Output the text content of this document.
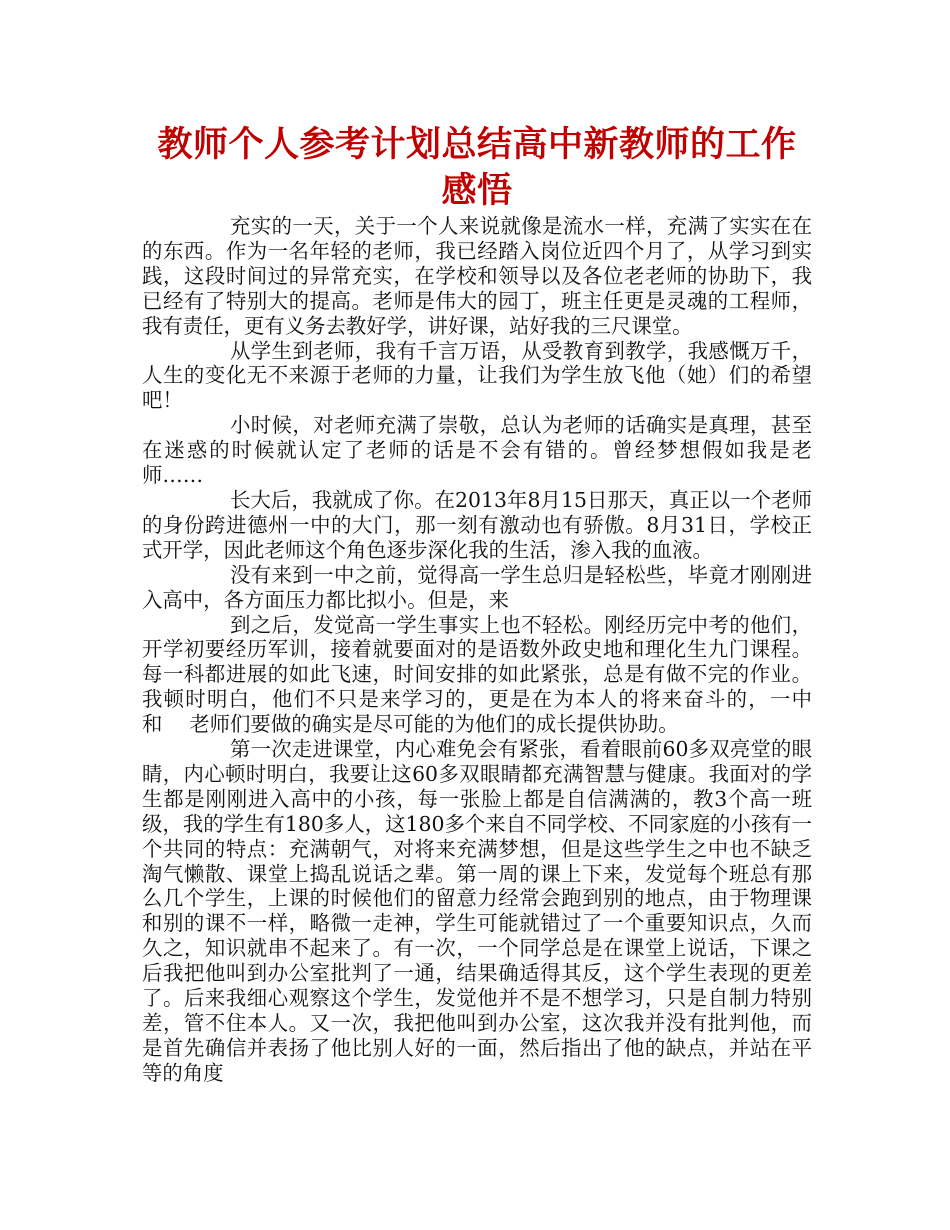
教师个人参考计划总结高中新教师的工作感悟

充实的一天，关于一个人来说就像是流水一样，充满了实实在在的东西。作为一名年轻的老师，我已经踏入岗位近四个月了，从学习到实践，这段时间过的异常充实，在学校和领导以及各位老老师的协助下，我已经有了特别大的提高。老师是伟大的园丁，班主任更是灵魂的工程师，我有责任，更有义务去教好学，讲好课，站好我的三尺课堂。

从学生到老师，我有千言万语，从受教育到教学，我感慨万千，人生的变化无不来源于老师的力量，让我们为学生放飞他（她）们的希望吧！

小时候，对老师充满了崇敬，总认为老师的话确实是真理，甚至在迷惑的时候就认定了老师的话是不会有错的。曾经梦想假如我是老师……

长大后，我就成了你。在2013年8月15日那天，真正以一个老师的身份跨进德州一中的大门，那一刻有激动也有骄傲。8月31日，学校正式开学，因此老师这个角色逐步深化我的生活，渗入我的血液。

没有来到一中之前，觉得高一学生总归是轻松些，毕竟才刚刚进入高中，各方面压力都比拟小。但是，来

到之后，发觉高一学生事实上也不轻松。刚经历完中考的他们，开学初要经历军训，接着就要面对的是语数外政史地和理化生九门课程。每一科都进展的如此飞速，时间安排的如此紧张，总是有做不完的作业。我顿时明白，他们不只是来学习的，更是在为本人的将来奋斗的，一中　 和　 老师们要做的确实是尽可能的为他们的成长提供协助。

第一次走进课堂，内心难免会有紧张，看着眼前60多双亮堂的眼睛，内心顿时明白，我要让这60多双眼睛都充满智慧与健康。我面对的学生都是刚刚进入高中的小孩，每一张脸上都是自信满满的，教3个高一班级，我的学生有180多人，这180多个来自不同学校、不同家庭的小孩有一个共同的特点：充满朝气，对将来充满梦想，但是这些学生之中也不缺乏淘气懒散、课堂上捣乱说话之辈。第一周的课上下来，发觉每个班总有那么几个学生，上课的时候他们的留意力经常会跑到别的地点，由于物理课和别的课不一样，略微一走神，学生可能就错过了一个重要知识点，久而久之，知识就串不起来了。有一次，一个同学总是在课堂上说话，下课之后我把他叫到办公室批判了一通，结果确适得其反，这个学生表现的更差了。后来我细心观察这个学生，发觉他并不是不想学习，只是自制力特别差，管不住本人。又一次，我把他叫到办公室，这次我并没有批判他，而是首先确信并表扬了他比别人好的一面，然后指出了他的缺点，并站在平等的角度
